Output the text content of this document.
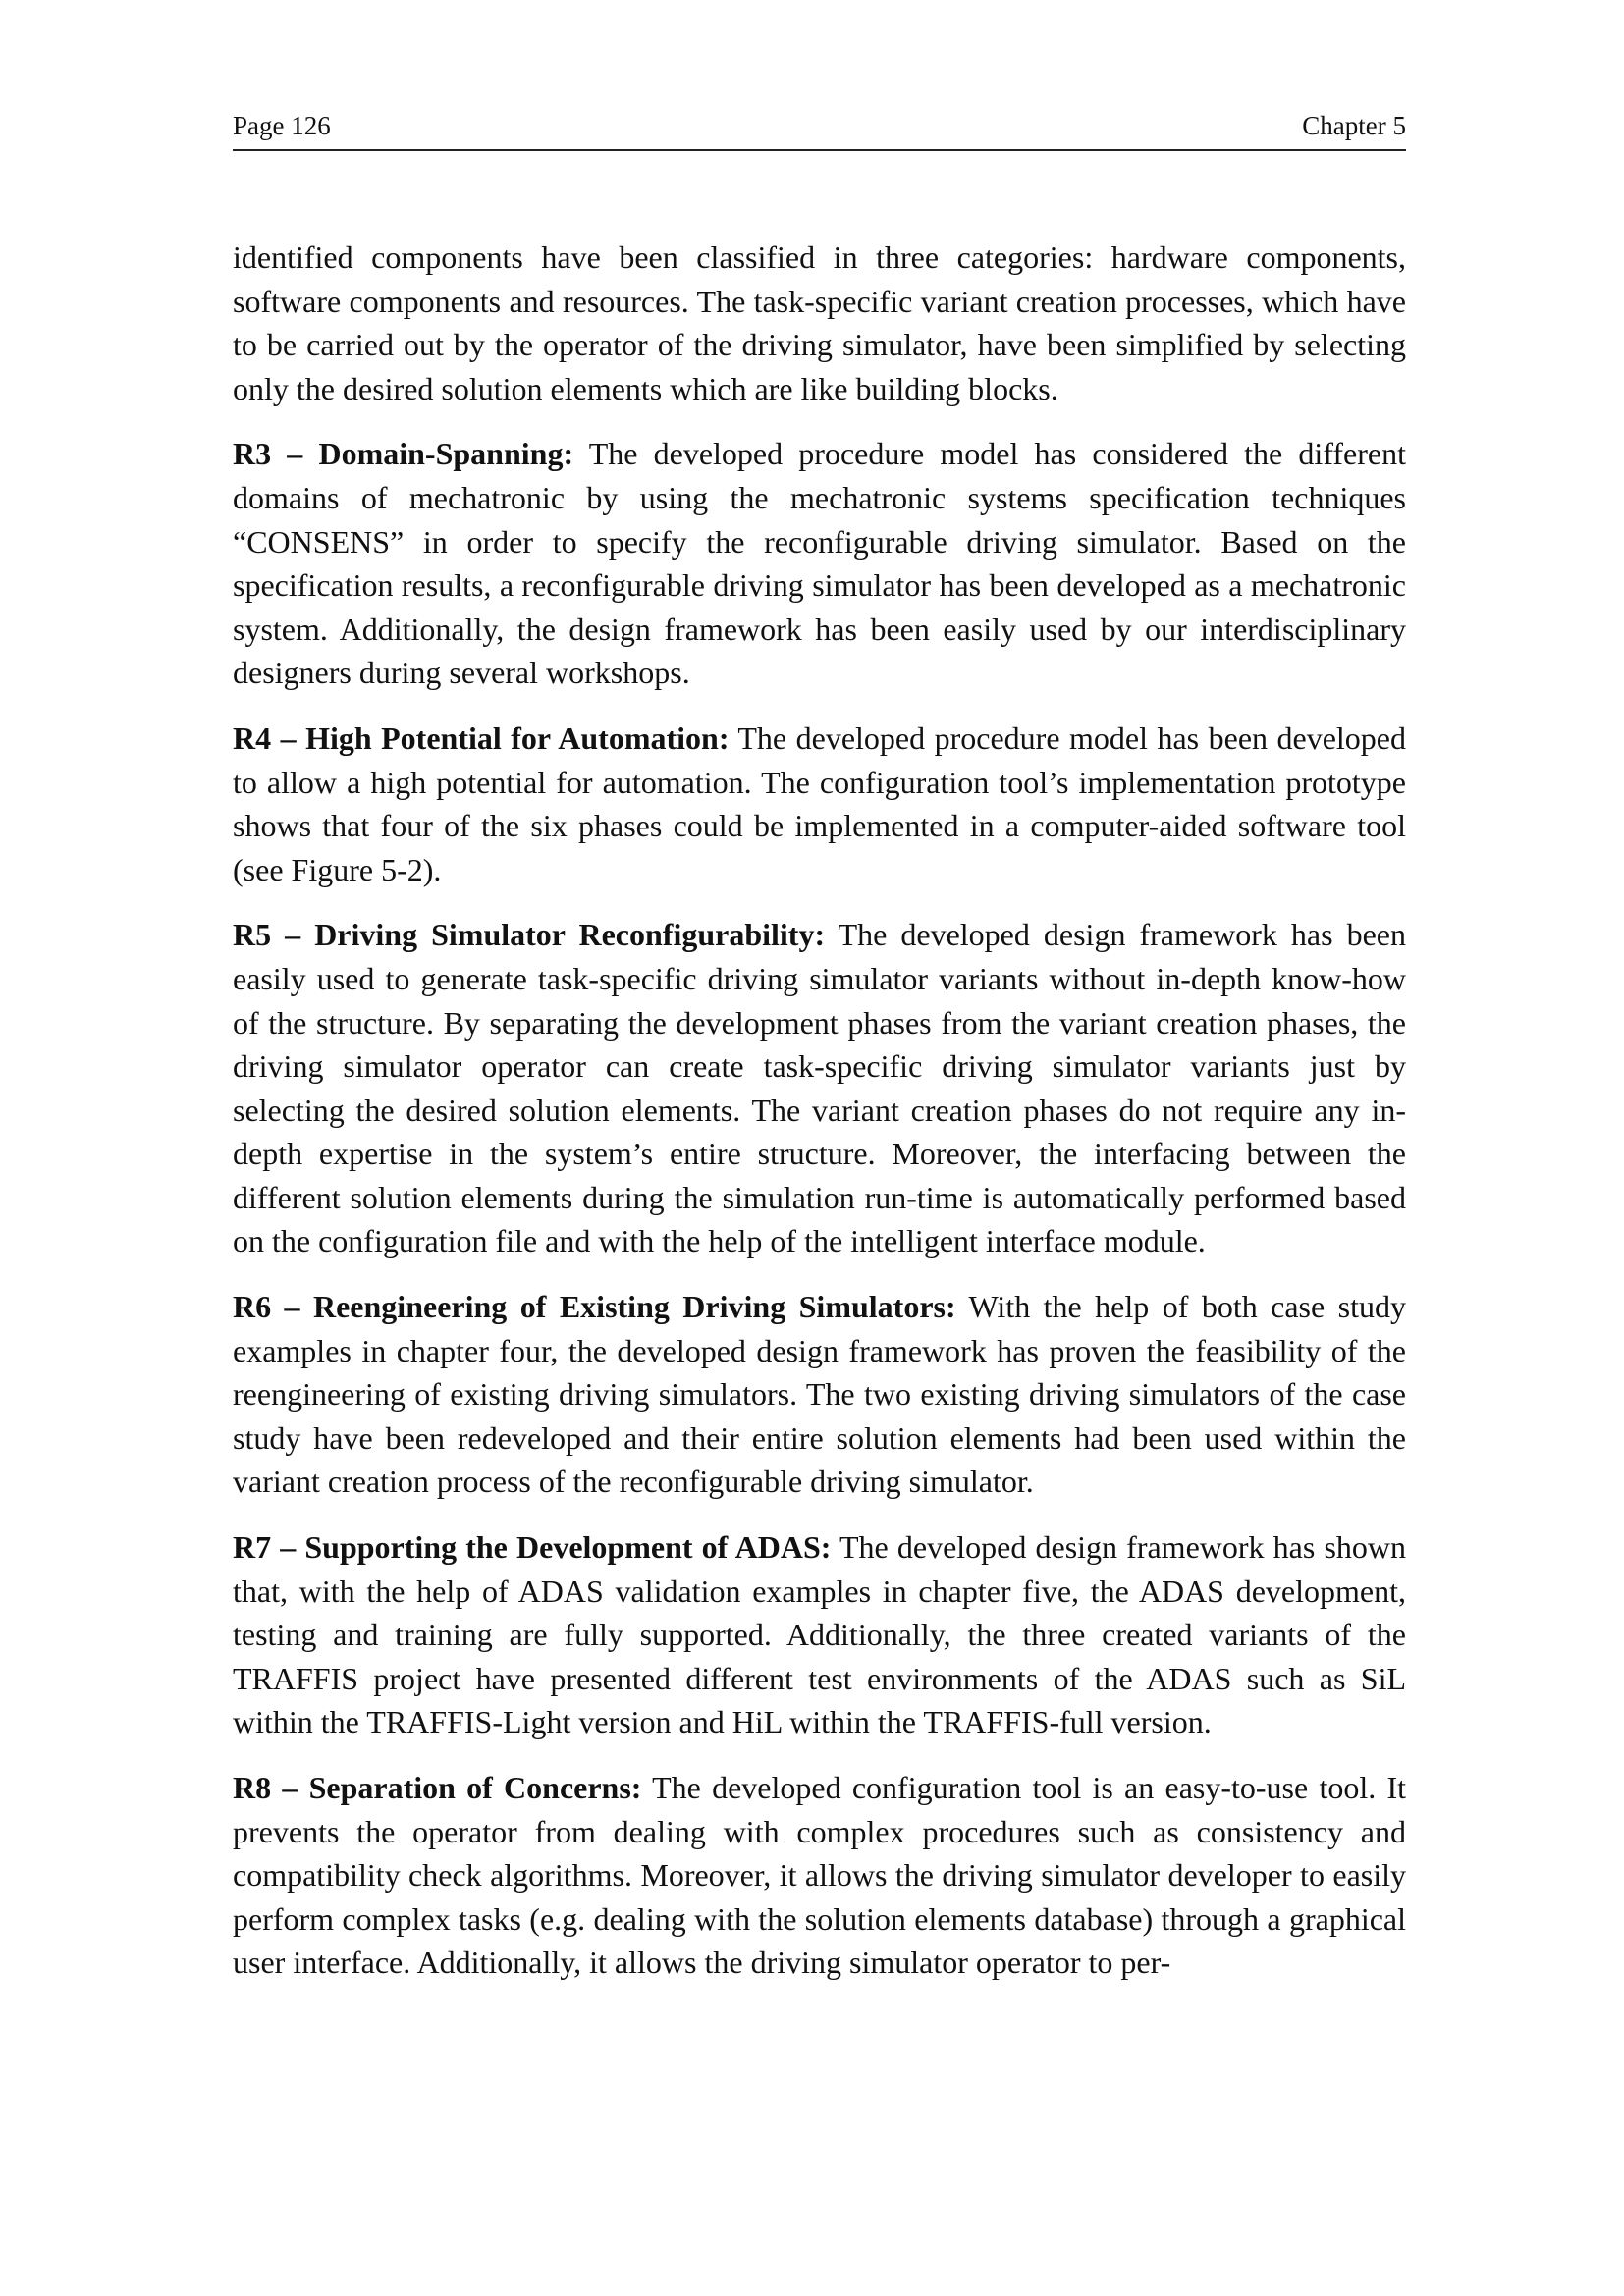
Page 126	Chapter 5

identified components have been classified in three categories: hardware components, software components and resources. The task-specific variant creation processes, which have to be carried out by the operator of the driving simulator, have been simplified by selecting only the desired solution elements which are like building blocks.

R3 – Domain-Spanning: The developed procedure model has considered the different domains of mechatronic by using the mechatronic systems specification techniques “CONSENS” in order to specify the reconfigurable driving simulator. Based on the specification results, a reconfigurable driving simulator has been developed as a mechatronic system. Additionally, the design framework has been easily used by our interdisciplinary designers during several workshops.

R4 – High Potential for Automation: The developed procedure model has been developed to allow a high potential for automation. The configuration tool’s implementation prototype shows that four of the six phases could be implemented in a computer-aided software tool (see Figure 5-2).

R5 – Driving Simulator Reconfigurability: The developed design framework has been easily used to generate task-specific driving simulator variants without in-depth know-how of the structure. By separating the development phases from the variant creation phases, the driving simulator operator can create task-specific driving simulator variants just by selecting the desired solution elements. The variant creation phases do not require any in-depth expertise in the system’s entire structure. Moreover, the interfacing between the different solution elements during the simulation run-time is automatically performed based on the configuration file and with the help of the intelligent interface module.

R6 – Reengineering of Existing Driving Simulators: With the help of both case study examples in chapter four, the developed design framework has proven the feasibility of the reengineering of existing driving simulators. The two existing driving simulators of the case study have been redeveloped and their entire solution elements had been used within the variant creation process of the reconfigurable driving simulator.

R7 – Supporting the Development of ADAS: The developed design framework has shown that, with the help of ADAS validation examples in chapter five, the ADAS development, testing and training are fully supported. Additionally, the three created variants of the TRAFFIS project have presented different test environments of the ADAS such as SiL within the TRAFFIS-Light version and HiL within the TRAFFIS-full version.

R8 – Separation of Concerns: The developed configuration tool is an easy-to-use tool. It prevents the operator from dealing with complex procedures such as consistency and compatibility check algorithms. Moreover, it allows the driving simulator developer to easily perform complex tasks (e.g. dealing with the solution elements database) through a graphical user interface. Additionally, it allows the driving simulator operator to per-
